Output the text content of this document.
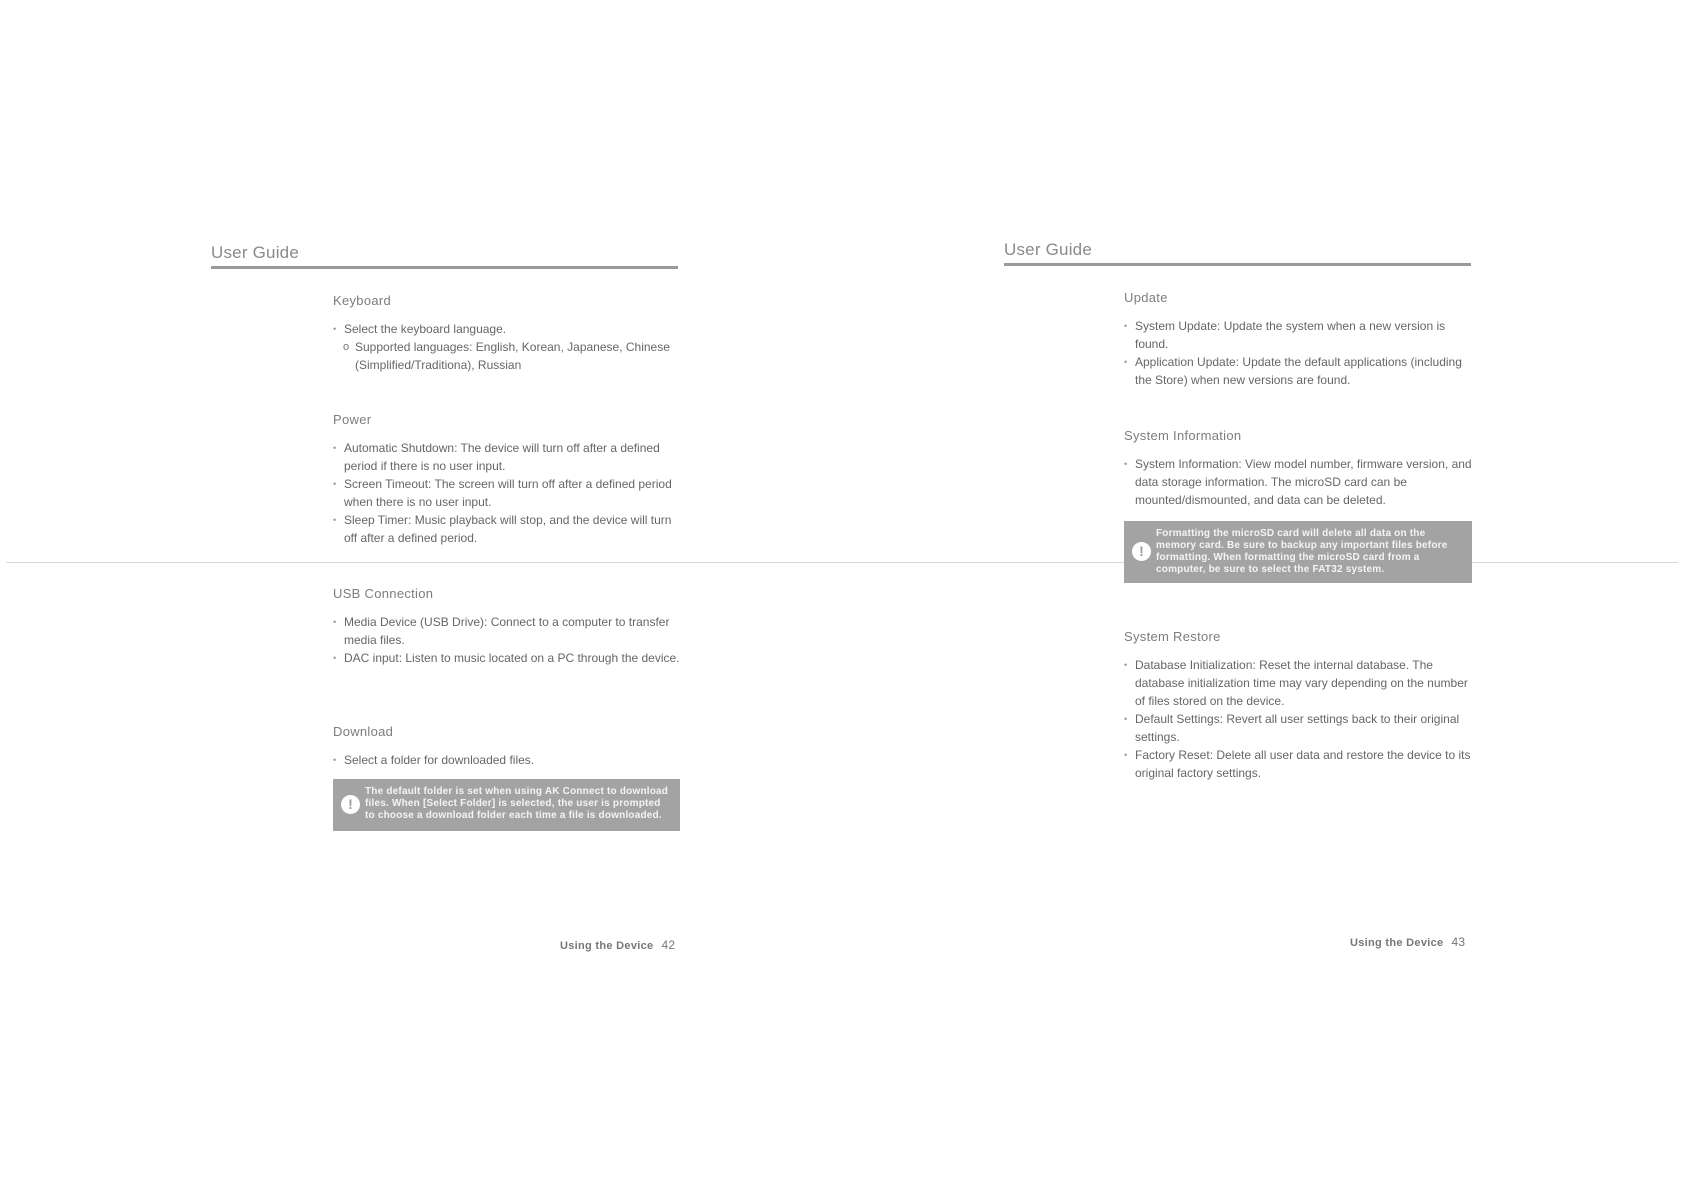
User Guide
Keyboard
• Select the keyboard language.
o Supported languages: English, Korean, Japanese, Chinese (Simplified/Traditiona), Russian
Power
• Automatic Shutdown: The device will turn off after a defined period if there is no user input.
• Screen Timeout: The screen will turn off after a defined period when there is no user input.
• Sleep Timer: Music playback will stop, and the device will turn off after a defined period.
USB Connection
• Media Device (USB Drive): Connect to a computer to transfer media files.
• DAC input: Listen to music located on a PC through the device.
Download
• Select a folder for downloaded files.
!
The default folder is set when using AK Connect to download files. When [Select Folder] is selected, the user is prompted to choose a download folder each time a file is downloaded.
Using the Device 42
User Guide
Update
• System Update: Update the system when a new version is found.
• Application Update: Update the default applications (including the Store) when new versions are found.
System Information
• System Information: View model number, firmware version, and data storage information. The microSD card can be mounted/dismounted, and data can be deleted.
!
Formatting the microSD card will delete all data on the memory card. Be sure to backup any important files before formatting. When formatting the microSD card from a computer, be sure to select the FAT32 system.
System Restore
• Database Initialization: Reset the internal database. The database initialization time may vary depending on the number of files stored on the device.
• Default Settings: Revert all user settings back to their original settings.
• Factory Reset: Delete all user data and restore the device to its original factory settings.
Using the Device 43
